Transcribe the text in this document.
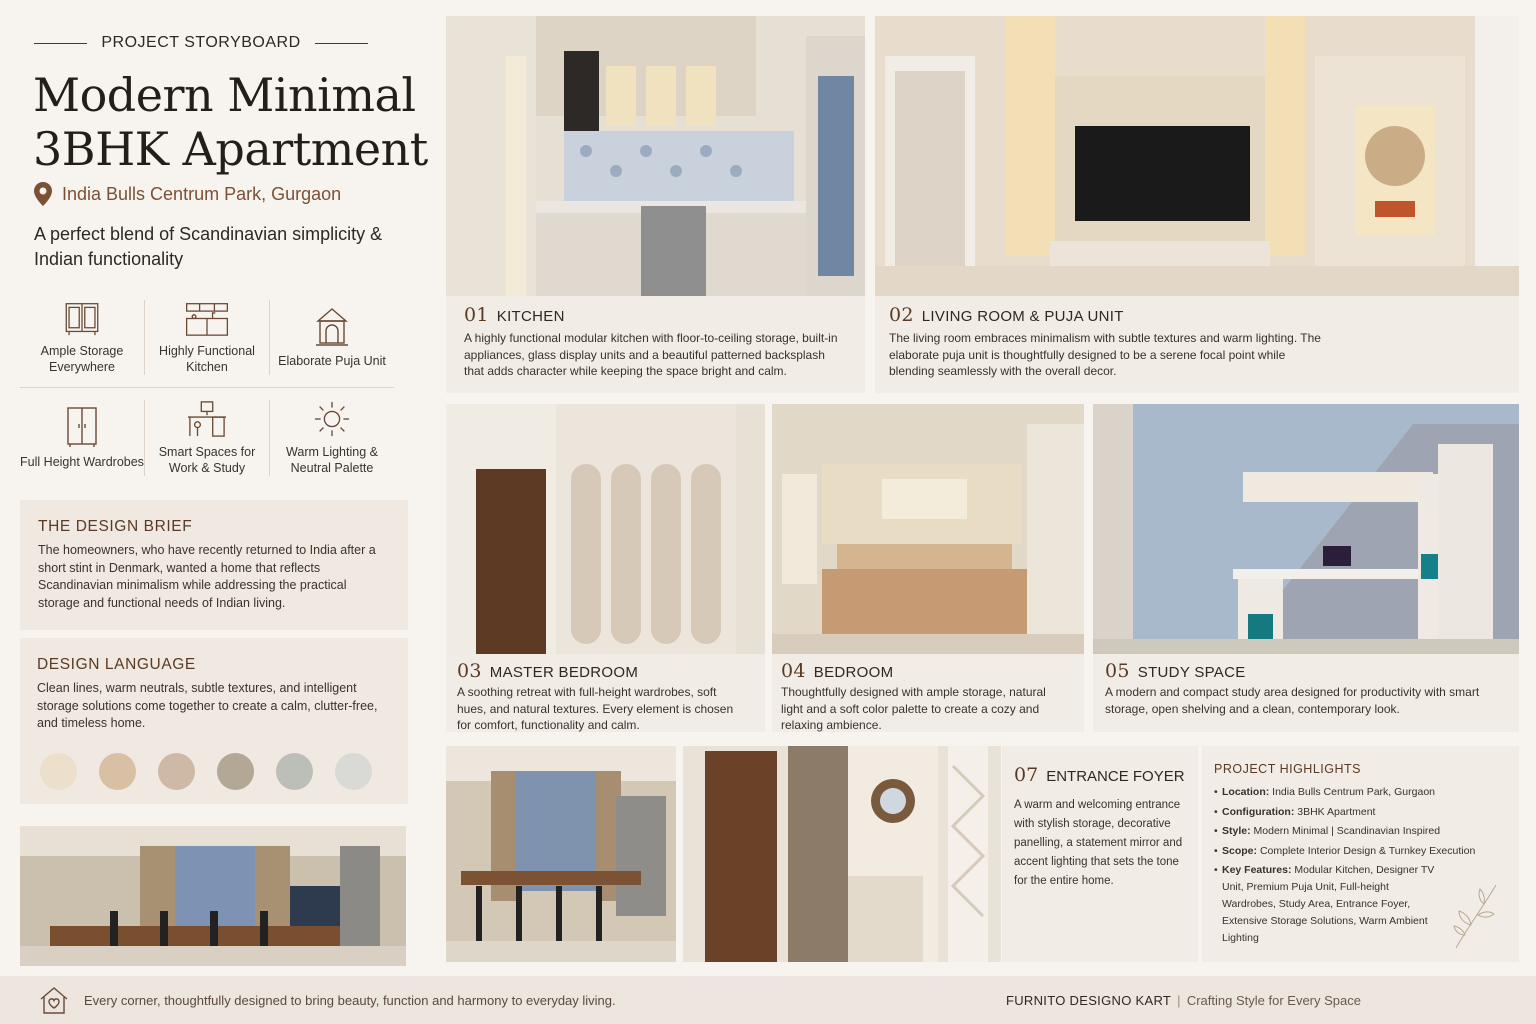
PROJECT STORYBOARD
Modern Minimal
3BHK Apartment
India Bulls Centrum Park, Gurgaon
A perfect blend of Scandinavian simplicity & Indian functionality
Ample Storage Everywhere
Highly Functional Kitchen	Elaborate Puja Unit
Full Height Wardrobes
Smart Spaces for Work & Study
Warm Lighting & Neutral Palette
THE DESIGN BRIEF

The homeowners, who have recently returned to India after a short stint in Denmark, wanted a home that reflects Scandinavian minimalism while addressing the practical storage and functional needs of Indian living.

DESIGN LANGUAGE

Clean lines, warm neutrals, subtle textures, and intelligent storage solutions come together to create a calm, clutter-free, and timeless home.

01 KITCHEN

A highly functional modular kitchen with floor-to-ceiling storage, built-in appliances, glass display units and a beautiful patterned backsplash that adds character while keeping the space bright and calm.

02 LIVING ROOM & PUJA UNIT

The living room embraces minimalism with subtle textures and warm lighting. The elaborate puja unit is thoughtfully designed to be a serene focal point while blending seamlessly with the overall decor.

03 MASTER BEDROOM

A soothing retreat with full-height wardrobes, soft hues, and natural textures. Every element is chosen for comfort, functionality and calm.

04 BEDROOM

Thoughtfully designed with ample storage, natural light and a soft color palette to create a cozy and relaxing ambience.

05 STUDY SPACE

A modern and compact study area designed for productivity with smart storage, open shelving and a clean, contemporary look.

07 ENTRANCE FOYER

A warm and welcoming entrance with stylish storage, decorative panelling, a statement mirror and accent lighting that sets the tone for the entire home.

PROJECT HIGHLIGHTS
• Location: India Bulls Centrum Park, Gurgaon
• Configuration: 3BHK Apartment
• Style: Modern Minimal | Scandinavian Inspired
• Scope: Complete Interior Design & Turnkey Execution
• Key Features: Modular Kitchen, Designer TV Unit, Premium Puja Unit, Full-height Wardrobes, Study Area, Entrance Foyer, Extensive Storage Solutions, Warm Ambient Lighting
Every corner, thoughtfully designed to bring beauty, function and harmony to everyday living.	FURNITO DESIGNO KART | Crafting Style for Every Space
